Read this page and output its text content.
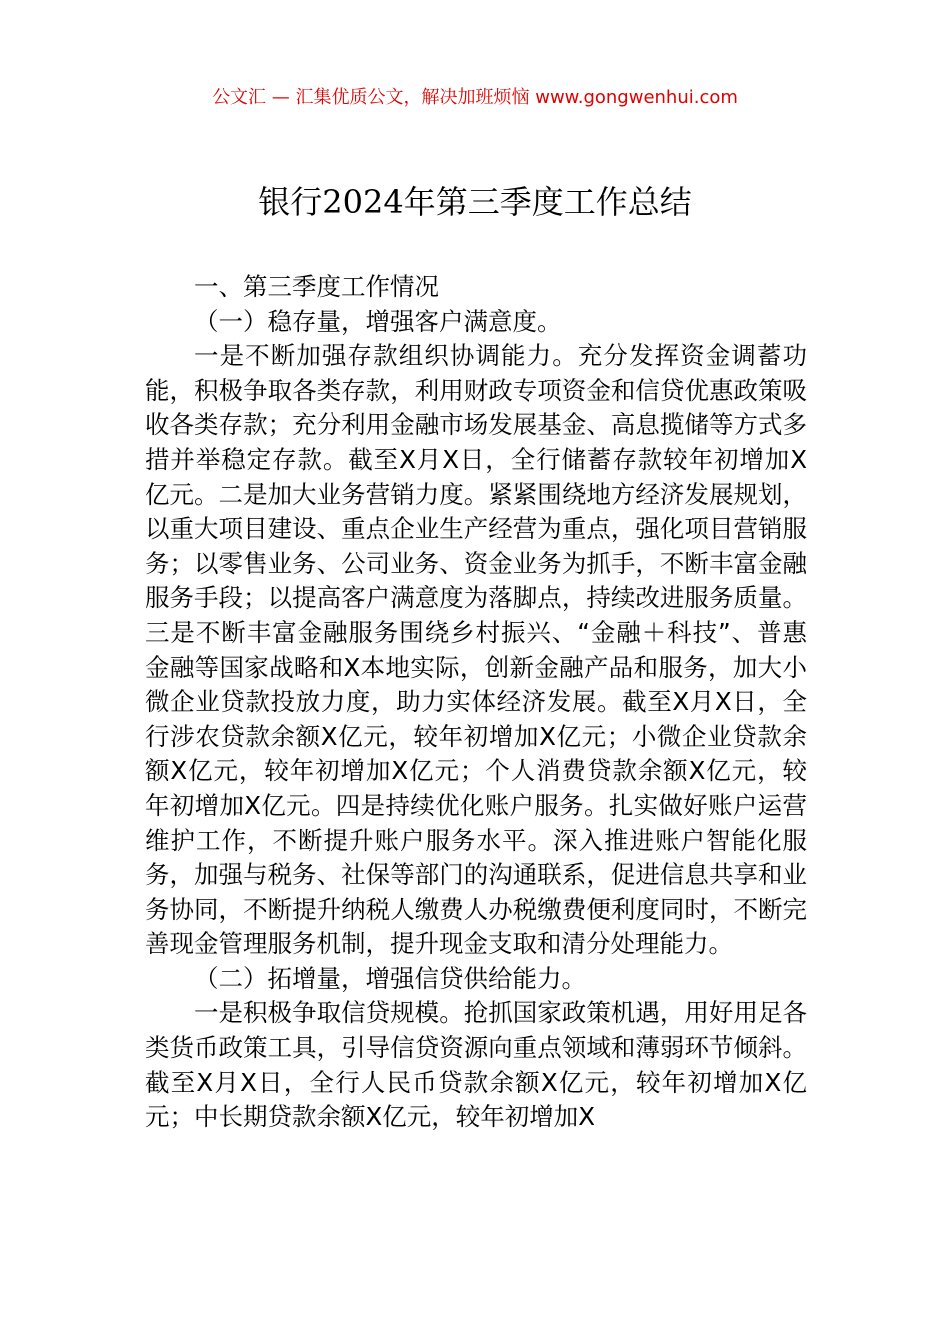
公文汇 — 汇集优质公文，解决加班烦恼 www.gongwenhui.com
银行2024年第三季度工作总结

一、第三季度工作情况

（一）稳存量，增强客户满意度。

一是不断加强存款组织协调能力。充分发挥资金调蓄功能，积极争取各类存款，利用财政专项资金和信贷优惠政策吸收各类存款；充分利用金融市场发展基金、高息揽储等方式多措并举稳定存款。截至X月X日，全行储蓄存款较年初增加X亿元。二是加大业务营销力度。紧紧围绕地方经济发展规划，以重大项目建设、重点企业生产经营为重点，强化项目营销服务；以零售业务、公司业务、资金业务为抓手，不断丰富金融服务手段；以提高客户满意度为落脚点，持续改进服务质量。三是不断丰富金融服务围绕乡村振兴、“金融＋科技”、普惠金融等国家战略和X本地实际，创新金融产品和服务，加大小微企业贷款投放力度，助力实体经济发展。截至X月X日，全行涉农贷款余额X亿元，较年初增加X亿元；小微企业贷款余额X亿元，较年初增加X亿元；个人消费贷款余额X亿元，较年初增加X亿元。四是持续优化账户服务。扎实做好账户运营维护工作，不断提升账户服务水平。深入推进账户智能化服务，加强与税务、社保等部门的沟通联系，促进信息共享和业务协同，不断提升纳税人缴费人办税缴费便利度同时，不断完善现金管理服务机制，提升现金支取和清分处理能力。

（二）拓增量，增强信贷供给能力。

一是积极争取信贷规模。抢抓国家政策机遇，用好用足各类货币政策工具，引导信贷资源向重点领域和薄弱环节倾斜。截至X月X日，全行人民币贷款余额X亿元，较年初增加X亿元；中长期贷款余额X亿元，较年初增加X
